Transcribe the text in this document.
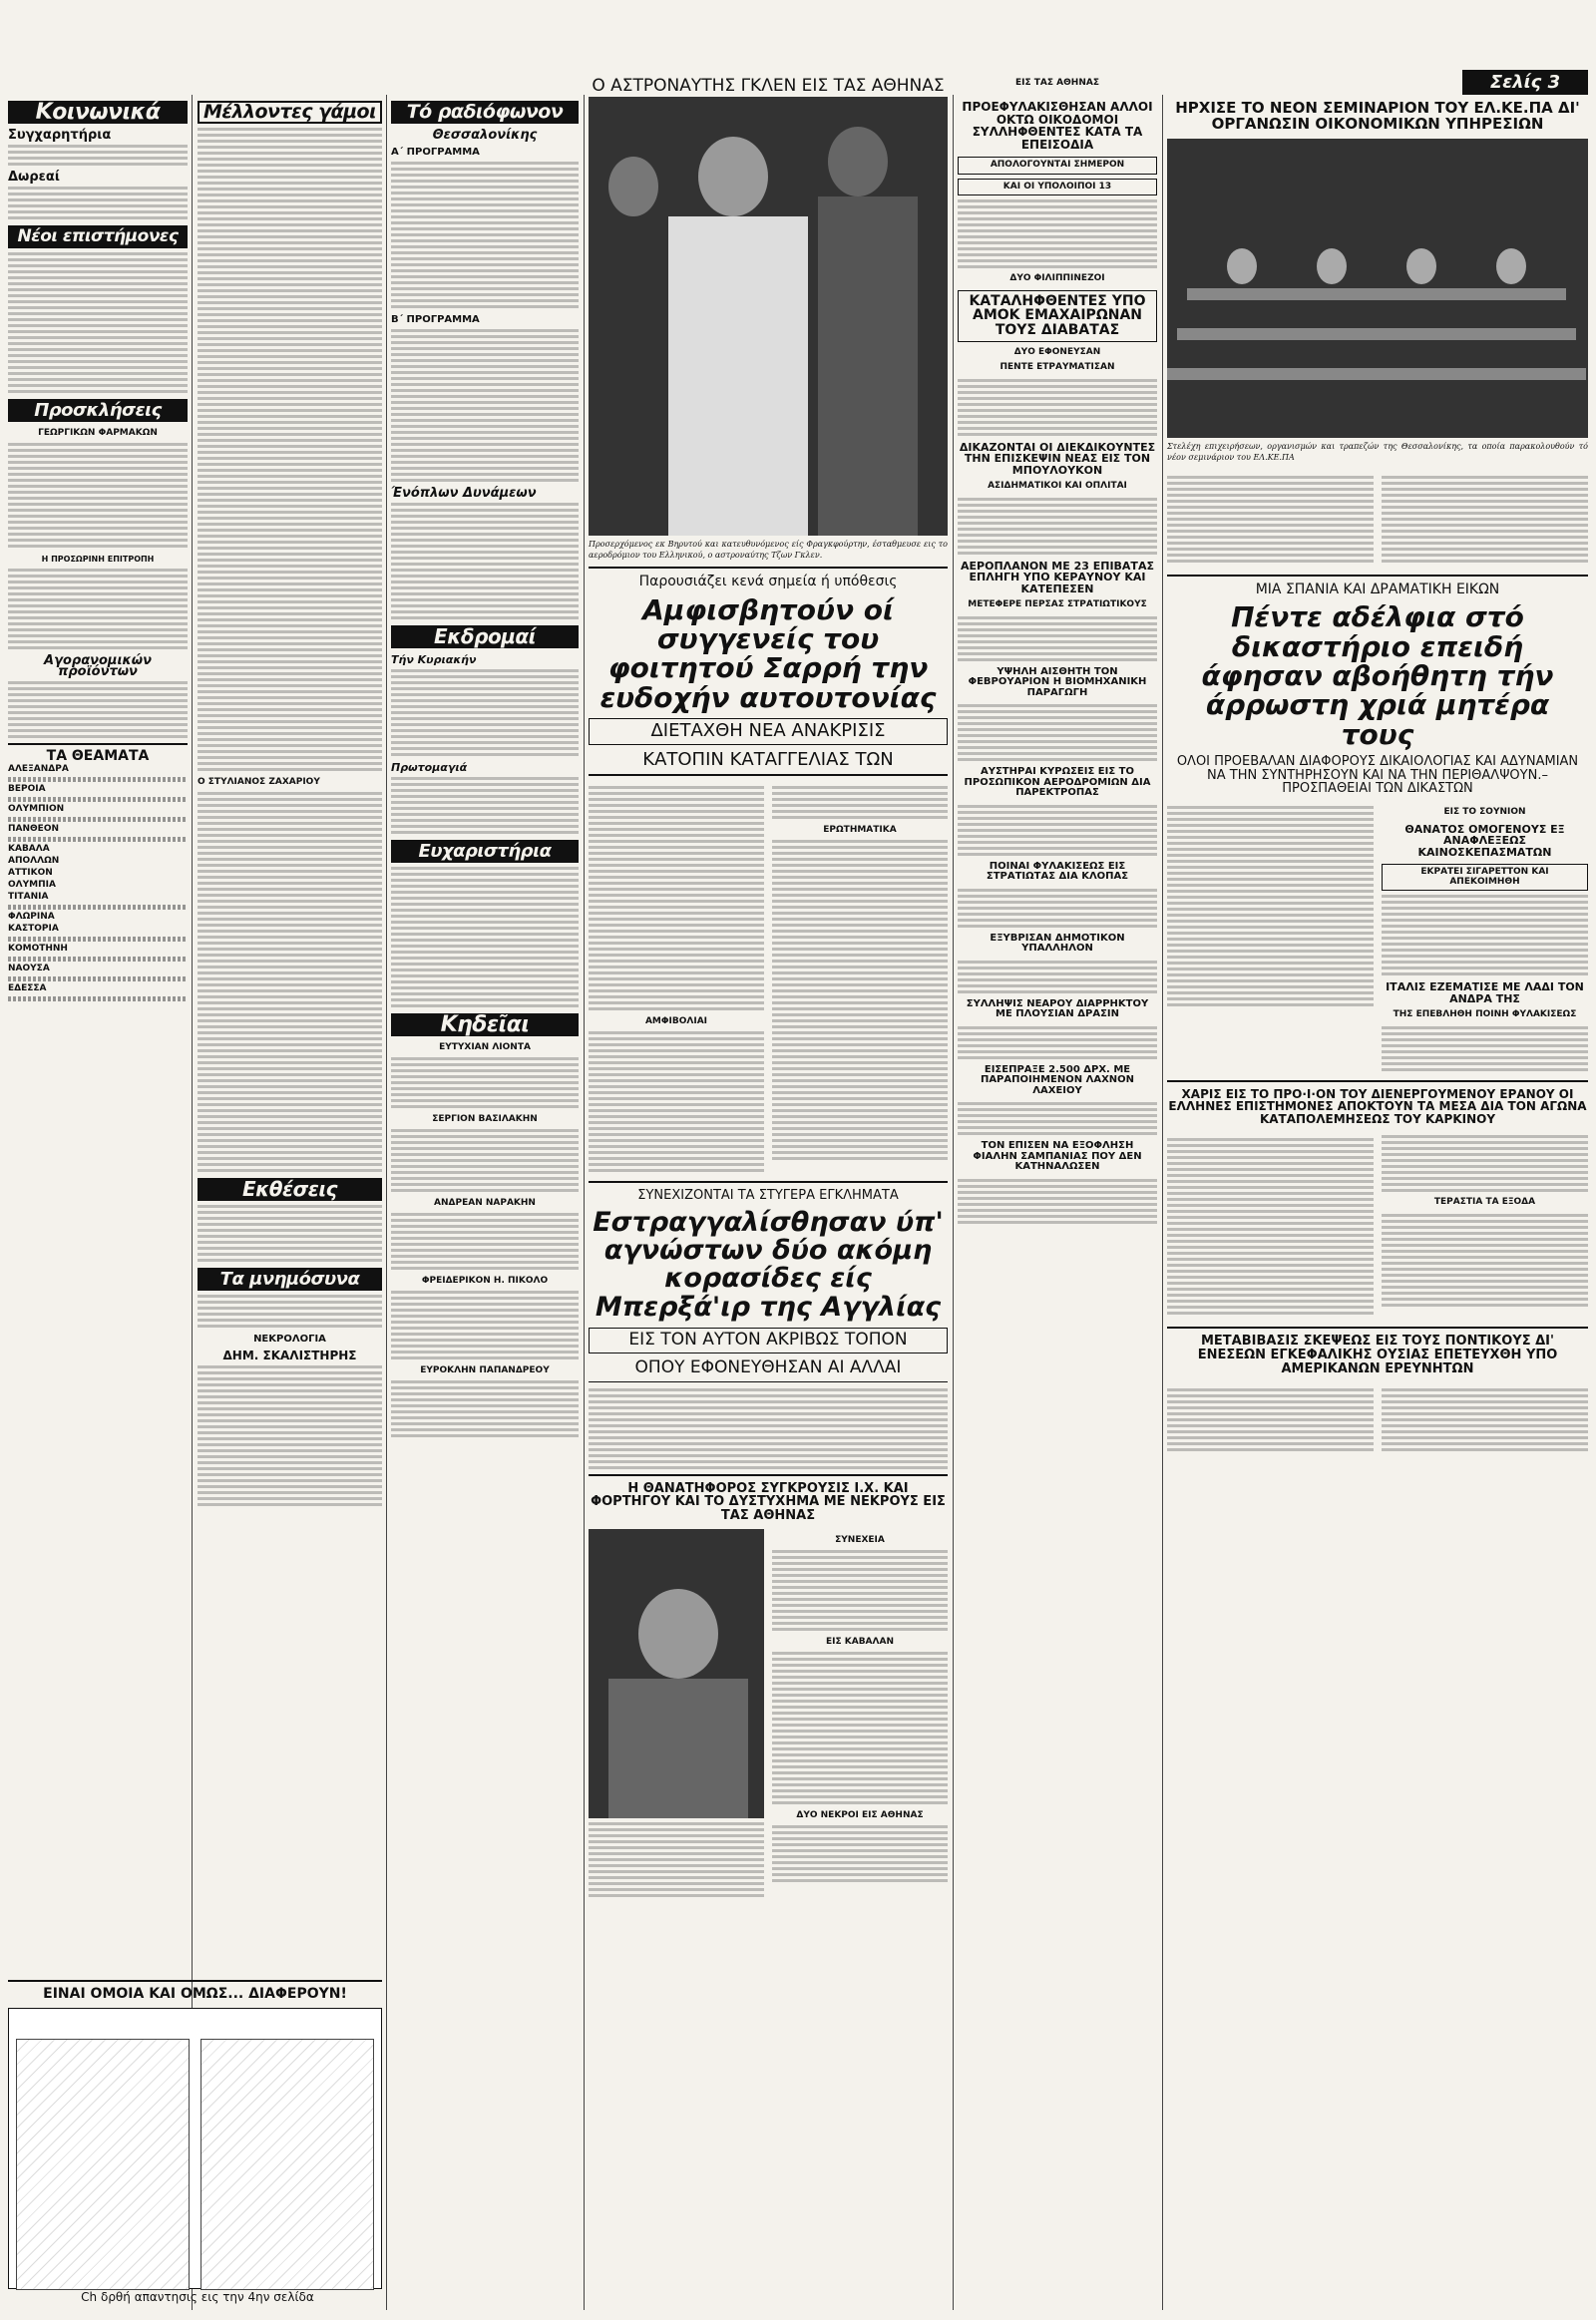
Ο ΑΣΤΡΟΝΑΥΤΗΣ ΓΚΛΕΝ ΕΙΣ ΤΑΣ ΑΘΗΝΑΣ	ΕΙΣ ΤΑΣ ΑΘΗΝΑΣ	Σελίς 3
Κοινωνικά
Συγχαρητήρια
Δωρεαί
Νέοι επιστήμονες
Προσκλήσεις
ΓΕΩΡΓΙΚΩΝ ΦΑΡΜΑΚΩΝ
Η ΠΡΟΣΩΡΙΝΗ ΕΠΙΤΡΟΠΗ
Αγορανομικών προϊόντων
ΤΑ ΘΕΑΜΑΤΑ
ΑΛΕΞΑΝΔΡΑ
ΒΕΡΟΙΑ
ΟΛΥΜΠΙΟΝ
ΠΑΝΘΕΟΝ
ΚΑΒΑΛΑ
ΑΠΟΛΛΩΝ
ΑΤΤΙΚΟΝ
ΟΛΥΜΠΙΑ
ΤΙΤΑΝΙΑ
ΦΛΩΡΙΝΑ
ΚΑΣΤΟΡΙΑ
ΚΟΜΟΤΗΝΗ
ΝΑΟΥΣΑ
ΕΔΕΣΣΑ
ΕΙΝΑΙ ΟΜΟΙΑ ΚΑΙ ΟΜΩΣ... ΔΙΑΦΕΡΟΥΝ!
Ch δρθή απαντησις εις την 4ην σελίδα
Μέλλοντες γάμοι
Ο ΣΤΥΛΙΑΝΟΣ ΖΑΧΑΡΙΟΥ
Εκθέσεις
Τα μνημόσυνα
ΝΕΚΡΟΛΟΓΙΑ
ΔΗΜ. ΣΚΑΛΙΣΤΗΡΗΣ
Τό ραδιόφωνον
Θεσσαλονίκης
Α΄ ΠΡΟΓΡΑΜΜΑ
Β΄ ΠΡΟΓΡΑΜΜΑ
Ένόπλων Δυνάμεων
Εκδρομαί
Τήν Κυριακήν
Πρωτομαγιά
Ευχαριστήρια
Κηδεῖαι
ΕΥΤΥΧΙΑΝ ΛΙΟΝΤΑ
ΣΕΡΓΙΟΝ ΒΑΣΙΛΑΚΗΝ
ΑΝΔΡΕΑΝ ΝΑΡΑΚΗΝ
ΦΡΕΙΔΕΡΙΚΟΝ Η. ΠΙΚΟΛΟ
ΕΥΡΟΚΛΗΝ ΠΑΠΑΝΔΡΕΟΥ
Προσερχόμενος εκ Βηρυτού και κατευθυνόμενος είς Φραγκφούρτην, έσταθμευσε εις το αεροδρόμιον του Ελληνικού, ο αστροναύτης Τζων Γκλεν.
Παρουσιάζει κενά σημεία ή υπόθεσις
Αμφισβητούν οί συγγενείς του φοιτητού Σαρρή την ευδοχήν αυτουτονίας
ΔΙΕΤΑΧΘΗ ΝΕΑ ΑΝΑΚΡΙΣΙΣ
ΚΑΤΟΠΙΝ ΚΑΤΑΓΓΕΛΙΑΣ ΤΩΝ
ΑΜΦΙΒΟΛΙΑΙ
ΕΡΩΤΗΜΑΤΙΚΑ
ΣΥΝΕΧΙΖΟΝΤΑΙ ΤΑ ΣΤΥΓΕΡΑ ΕΓΚΛΗΜΑΤΑ
Εστραγγαλίσθησαν ύπ' αγνώστων δύο ακόμη κορασίδες είς Μπερξά'ιρ της Αγγλίας
ΕΙΣ ΤΟΝ ΑΥΤΟΝ ΑΚΡΙΒΩΣ ΤΟΠΟΝ
ΟΠΟΥ ΕΦΟΝΕΥΘΗΣΑΝ ΑΙ ΑΛΛΑΙ
Η ΘΑΝΑΤΗΦΟΡΟΣ ΣΥΓΚΡΟΥΣΙΣ Ι.Χ. ΚΑΙ ΦΟΡΤΗΓΟΥ ΚΑΙ ΤΟ ΔΥΣΤΥΧΗΜΑ ΜΕ ΝΕΚΡΟΥΣ ΕΙΣ ΤΑΣ ΑΘΗΝΑΣ
ΣΥΝΕΧΕΙΑ
ΕΙΣ ΚΑΒΑΛΑΝ
ΔΥΟ ΝΕΚΡΟΙ ΕΙΣ ΑΘΗΝΑΣ
ΠΡΟΕΦΥΛΑΚΙΣΘΗΣΑΝ ΑΛΛΟΙ ΟΚΤΩ ΟΙΚΟΔΟΜΟΙ ΣΥΛΛΗΦΘΕΝΤΕΣ ΚΑΤΑ ΤΑ ΕΠΕΙΣΟΔΙΑ
ΑΠΟΛΟΓΟΥΝΤΑΙ ΣΗΜΕΡΟΝ
ΚΑΙ ΟΙ ΥΠΟΛΟΙΠΟΙ 13
ΔΥΟ ΦΙΛΙΠΠΙΝΕΖΟΙ
ΚΑΤΑΛΗΦΘΕΝΤΕΣ ΥΠΟ ΑΜΟΚ ΕΜΑΧΑΙΡΩΝΑΝ ΤΟΥΣ ΔΙΑΒΑΤΑΣ
ΔΥΟ ΕΦΟΝΕΥΣΑΝ
ΠΕΝΤΕ ΕΤΡΑΥΜΑΤΙΣΑΝ
ΔΙΚΑΖΟΝΤΑΙ ΟΙ ΔΙΕΚΔΙΚΟΥΝΤΕΣ ΤΗΝ ΕΠΙΣΚΕΨΙΝ ΝΕΑΣ ΕΙΣ ΤΟΝ ΜΠΟΥΛΟΥΚΟΝ
ΑΣΙΔΗΜΑΤΙΚΟΙ ΚΑΙ ΟΠΛΙΤΑΙ
ΑΕΡΟΠΛΑΝΟΝ ΜΕ 23 ΕΠΙΒΑΤΑΣ ΕΠΛΗΓΗ ΥΠΟ ΚΕΡΑΥΝΟΥ ΚΑΙ ΚΑΤΕΠΕΣΕΝ
ΜΕΤΕΦΕΡΕ ΠΕΡΣΑΣ ΣΤΡΑΤΙΩΤΙΚΟΥΣ
ΥΨΗΛΗ ΑΙΣΘΗΤΗ ΤΟΝ ΦΕΒΡΟΥΑΡΙΟΝ Η ΒΙΟΜΗΧΑΝΙΚΗ ΠΑΡΑΓΩΓΗ
ΑΥΣΤΗΡΑΙ ΚΥΡΩΣΕΙΣ ΕΙΣ ΤΟ ΠΡΟΣΩΠΙΚΟΝ ΑΕΡΟΔΡΟΜΙΩΝ ΔΙΑ ΠΑΡΕΚΤΡΟΠΑΣ
ΠΟΙΝΑΙ ΦΥΛΑΚΙΣΕΩΣ ΕΙΣ ΣΤΡΑΤΙΩΤΑΣ ΔΙΑ ΚΛΟΠΑΣ
ΕΞΥΒΡΙΣΑΝ ΔΗΜΟΤΙΚΟΝ ΥΠΑΛΛΗΛΟΝ
ΣΥΛΛΗΨΙΣ ΝΕΑΡΟΥ ΔΙΑΡΡΗΚΤΟΥ ΜΕ ΠΛΟΥΣΙΑΝ ΔΡΑΣΙΝ
ΕΙΣΕΠΡΑΞΕ 2.500 ΔΡΧ. ΜΕ ΠΑΡΑΠΟΙΗΜΕΝΟΝ ΛΑΧΝΟΝ ΛΑΧΕΙΟΥ
ΤΟΝ ΕΠΙΣΕΝ ΝΑ ΕΞΟΦΛΗΣΗ ΦΙΑΛΗΝ ΣΑΜΠΑΝΙΑΣ ΠΟΥ ΔΕΝ ΚΑΤΗΝΑΛΩΣΕΝ
ΗΡΧΙΣΕ ΤΟ ΝΕΟΝ ΣΕΜΙΝΑΡΙΟΝ ΤΟΥ ΕΛ.ΚΕ.ΠΑ ΔΙ' ΟΡΓΑΝΩΣΙΝ ΟΙΚΟΝΟΜΙΚΩΝ ΥΠΗΡΕΣΙΩΝ
Στελέχη επιχειρήσεων, οργανισμών και τραπεζών της Θεσσαλονίκης, τα οποία παρακολουθούν τό νέον σεμινάριον του ΕΛ.ΚΕ.ΠΑ
ΜΙΑ ΣΠΑΝΙΑ ΚΑΙ ΔΡΑΜΑΤΙΚΗ ΕΙΚΩΝ
Πέντε αδέλφια στό δικαστήριο επειδή άφησαν αβοήθητη τήν άρρωστη χριά μητέρα τους
ΟΛΟΙ ΠΡΟΕΒΑΛΑΝ ΔΙΑΦΟΡΟΥΣ ΔΙΚΑΙΟΛΟΓΙΑΣ ΚΑΙ ΑΔΥΝΑΜΙΑΝ ΝΑ ΤΗΝ ΣΥΝΤΗΡΗΣΟΥΝ ΚΑΙ ΝΑ ΤΗΝ ΠΕΡΙΘΑΛΨΟΥΝ.– ΠΡΟΣΠΑΘΕΙΑΙ ΤΩΝ ΔΙΚΑΣΤΩΝ
ΕΙΣ ΤΟ ΣΟΥΝΙΟΝ
ΘΑΝΑΤΟΣ ΟΜΟΓΕΝΟΥΣ ΕΞ ΑΝΑΦΛΕΞΕΩΣ ΚΑΙΝΟΣΚΕΠΑΣΜΑΤΩΝ
ΕΚΡΑΤΕΙ ΣΙΓΑΡΕΤΤΟΝ ΚΑΙ ΑΠΕΚΟΙΜΗΘΗ
ΙΤΑΛΙΣ ΕΖΕΜΑΤΙΣΕ ΜΕ ΛΑΔΙ ΤΟΝ ΑΝΔΡΑ ΤΗΣ
ΤΗΣ ΕΠΕΒΛΗΘΗ ΠΟΙΝΗ ΦΥΛΑΚΙΣΕΩΣ
ΧΑΡΙΣ ΕΙΣ ΤΟ ΠΡΟ·Ι·ΟΝ ΤΟΥ ΔΙΕΝΕΡΓΟΥΜΕΝΟΥ ΕΡΑΝΟΥ ΟΙ ΕΛΛΗΝΕΣ ΕΠΙΣΤΗΜΟΝΕΣ ΑΠΟΚΤΟΥΝ ΤΑ ΜΕΣΑ ΔΙΑ ΤΟΝ ΑΓΩΝΑ ΚΑΤΑΠΟΛΕΜΗΣΕΩΣ ΤΟΥ ΚΑΡΚΙΝΟΥ
ΤΕΡΑΣΤΙΑ ΤΑ ΕΞΟΔΑ
ΜΕΤΑΒΙΒΑΣΙΣ ΣΚΕΨΕΩΣ ΕΙΣ ΤΟΥΣ ΠΟΝΤΙΚΟΥΣ ΔΙ' ΕΝΕΣΕΩΝ ΕΓΚΕΦΑΛΙΚΗΣ ΟΥΣΙΑΣ ΕΠΕΤΕΥΧΘΗ ΥΠΟ ΑΜΕΡΙΚΑΝΩΝ ΕΡΕΥΝΗΤΩΝ
